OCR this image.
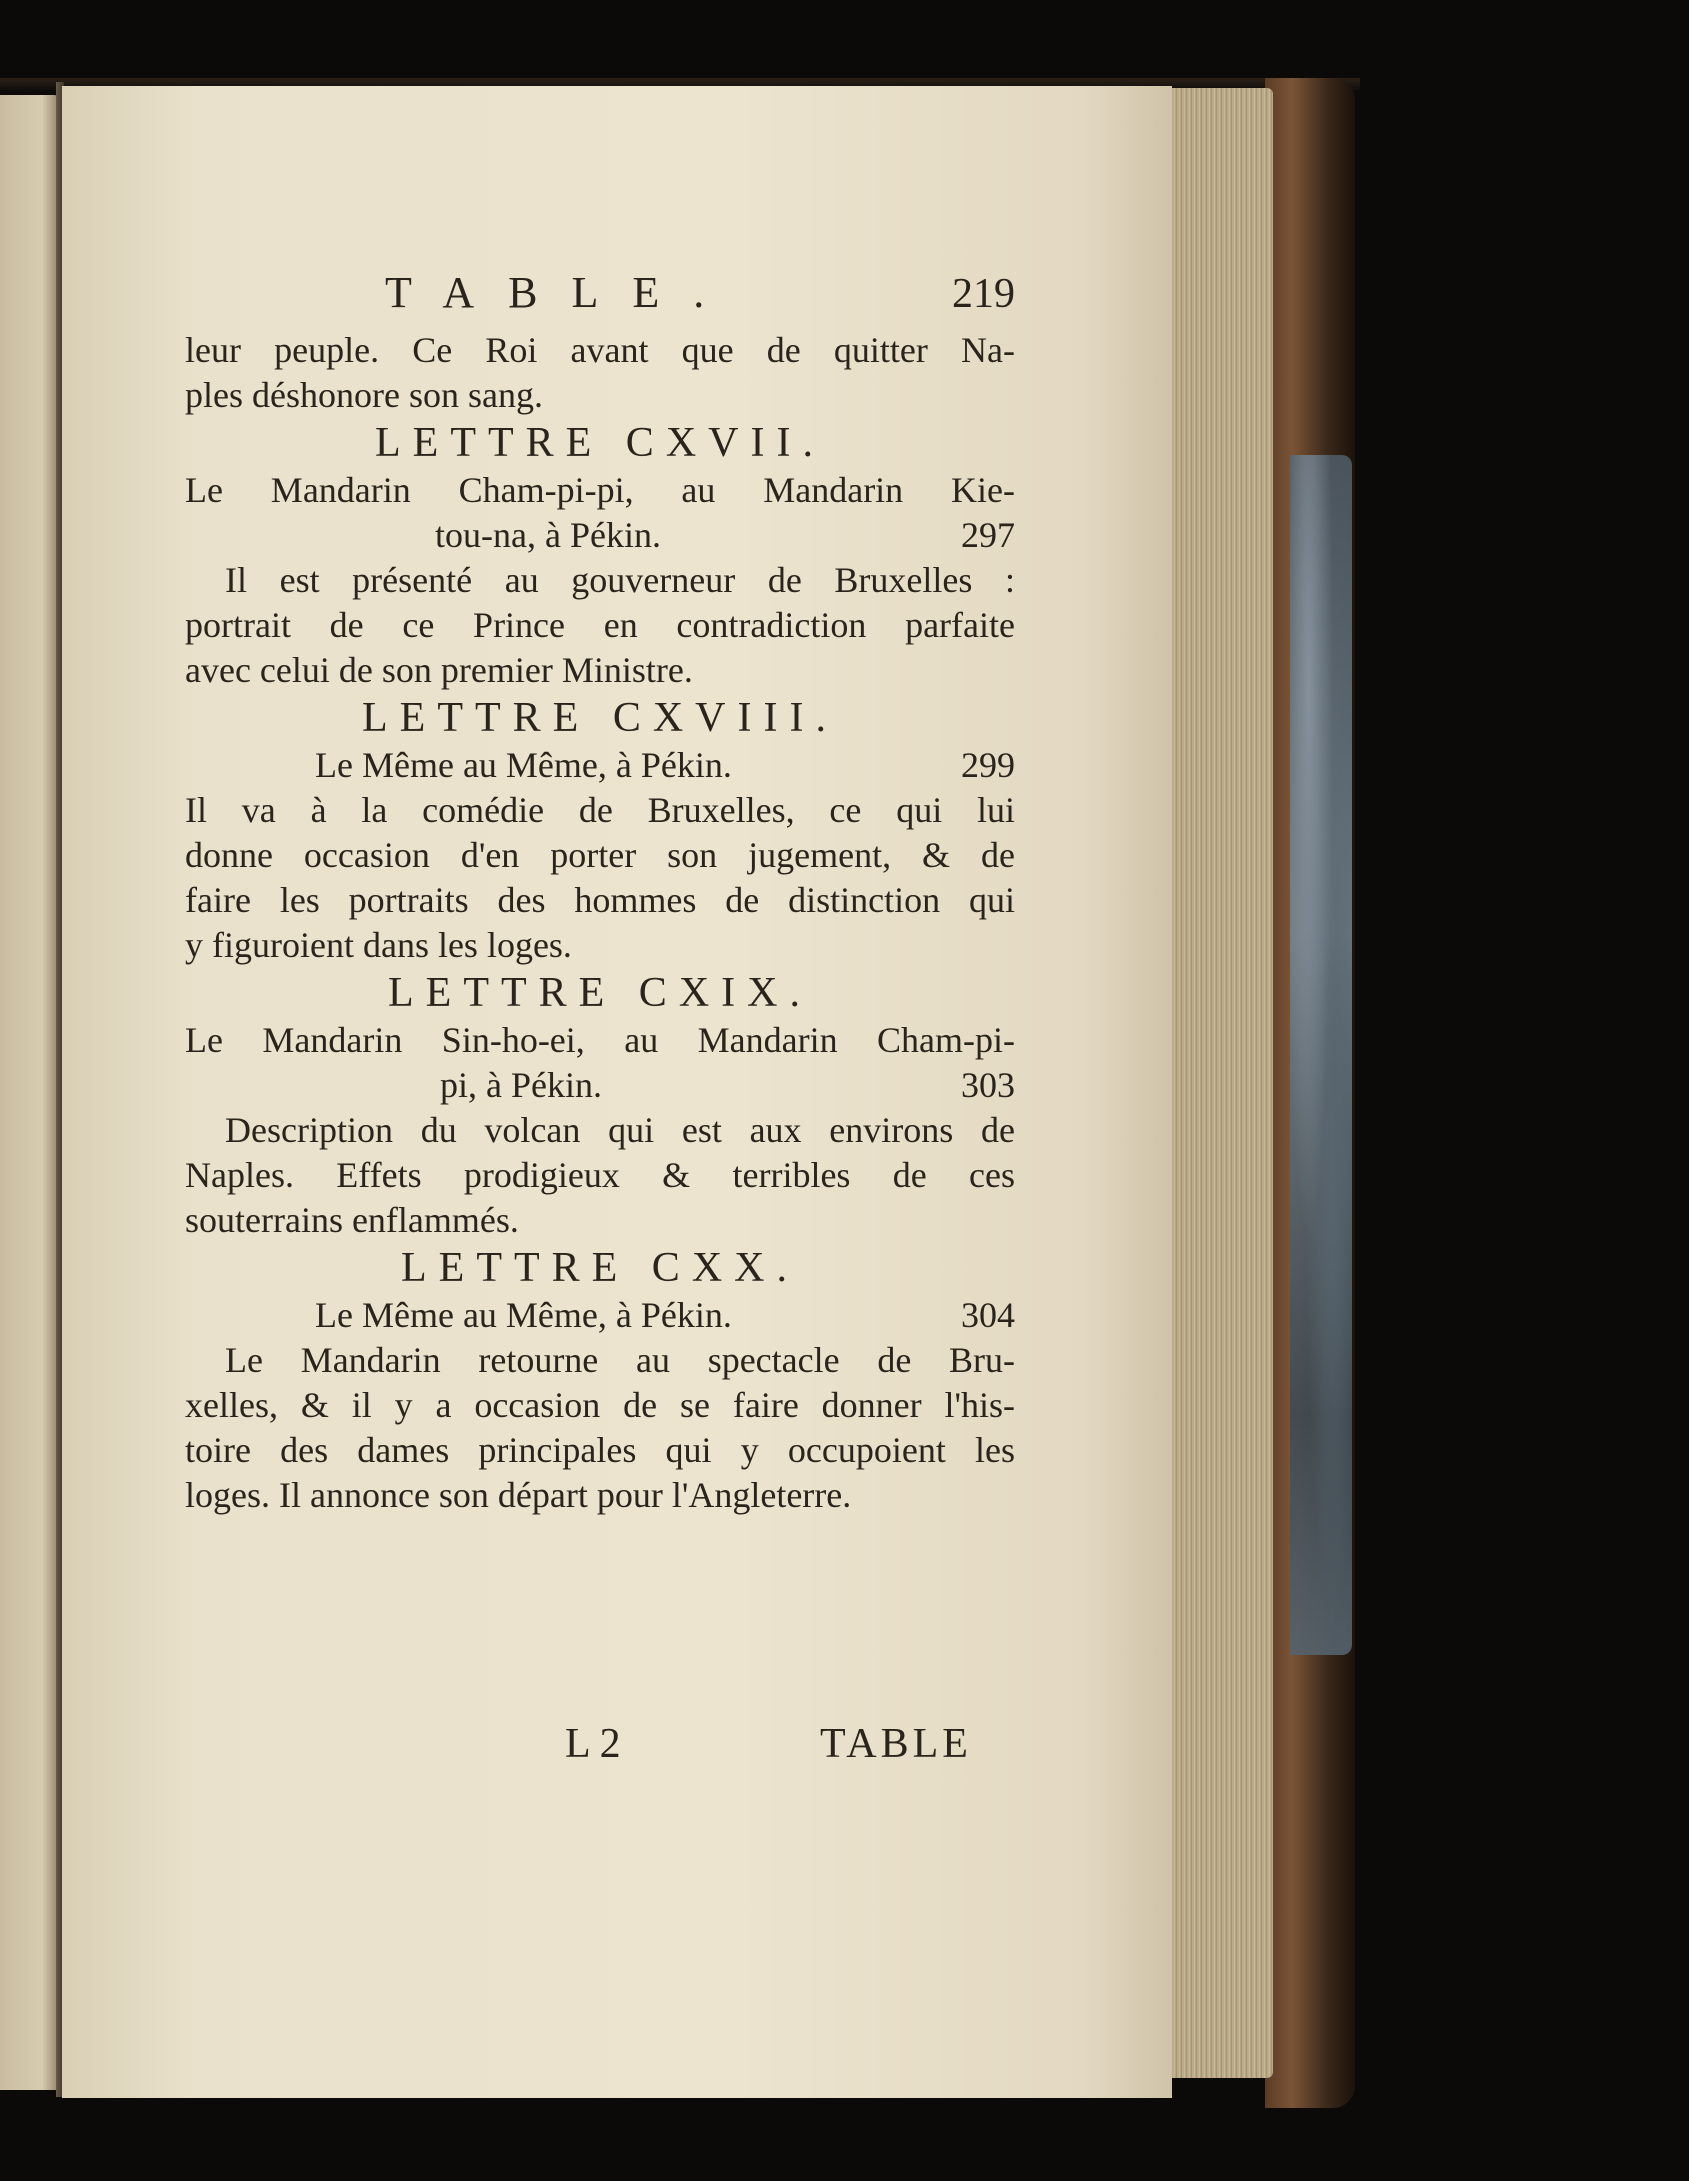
TABLE.	219
leur peuple. Ce Roi avant que de quitter Na-
ples déshonore son sang.
LETTRE CXVII.
Le Mandarin Cham-pi-pi, au Mandarin Kie-
tou-na, à Pékin.	297
Il est présenté au gouverneur de Bruxelles :
portrait de ce Prince en contradiction parfaite
avec celui de son premier Ministre.
LETTRE CXVIII.
Le Même au Même, à Pékin.	299
Il va à la comédie de Bruxelles, ce qui lui
donne occasion d'en porter son jugement, & de
faire les portraits des hommes de distinction qui
y figuroient dans les loges.
LETTRE CXIX.
Le Mandarin Sin-ho-ei, au Mandarin Cham-pi-
pi, à Pékin.	303
Description du volcan qui est aux environs de
Naples. Effets prodigieux & terribles de ces
souterrains enflammés.
LETTRE CXX.
Le Même au Même, à Pékin.	304
Le Mandarin retourne au spectacle de Bru-
xelles, & il y a occasion de se faire donner l'his-
toire des dames principales qui y occupoient les
loges. Il annonce son départ pour l'Angleterre.
L 2	TABLE
